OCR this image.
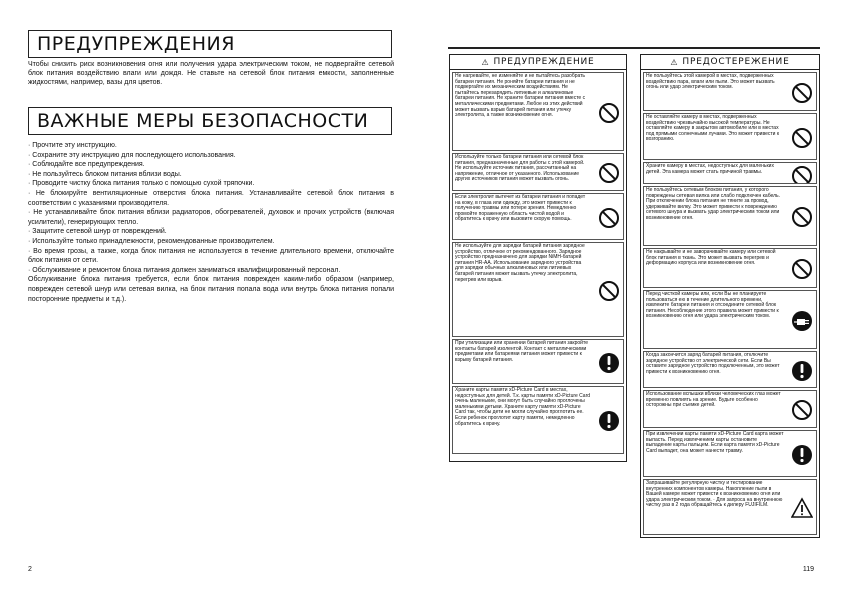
ПРЕДУПРЕЖДЕНИЯ
Чтобы снизить риск возникновения огня или получения удара электрическим током, не подвергайте сетевой блок питания воздействию влаги или дождя. Не ставьте на сетевой блок питания емкости, заполненные жидкостями, например, вазы для цветов.
ВАЖНЫЕ МЕРЫ БЕЗОПАСНОСТИ
· Прочтите эту инструкцию.
· Сохраните эту инструкцию для последующего использования.
· Соблюдайте все предупреждения.
· Не пользуйтесь блоком питания вблизи воды.
· Проводите чистку блока питания только с помощью сухой тряпочки.
· Не блокируйте вентиляционные отверстия блока питания. Устанавливайте сетевой блок питания в соответствии с указаниями производителя.
· Не устанавливайте блок питания вблизи радиаторов, обогревателей, духовок и прочих устройств (включая усилители), генерирующих тепло.
· Защитите сетевой шнур от повреждений.
· Используйте только принадлежности, рекомендованные производителем.
· Во время грозы, а также, когда блок питания не используется в течение длительного времени, отключайте блок питания от сети.
· Обслуживание и ремонтом блока питания должен заниматься квалифицированный персонал.
Обслуживание блока питания требуется, если блок питания поврежден каким-либо образом (например, поврежден сетевой шнур или сетевая вилка, на блок питания попала вода или внутрь блока питания попали посторонние предметы и т.д.).
2	119
⚠ ПРЕДУПРЕЖДЕНИЕ
Не нагревайте, не изменяйте и не пытайтесь разобрать батареи питания. Не роняйте батареи питания и не подвергайте их механическим воздействиям. Не пытайтесь перезарядить литиевые и алкалиновые батареи питания. Не храните батареи питания вместе с металлическими предметами. Любое из этих действий может вызвать взрыв батарей питания или утечку электролита, а также возникновение огня.
Используйте только батареи питания или сетевой блок питания, предназначенные для работы с этой камерой. Не используйте источник питания, рассчитанный на напряжение, отличное от указанного. Использование других источников питания может вызвать огонь.
Если электролит вытечет из батареи питания и попадет на кожу, в глаза или одежду, это может привести к получению травмы или потере зрения. Немедленно промойте пораженную область чистой водой и обратитесь к врачу или вызовите скорую помощь.
Не используйте для зарядки батарей питания зарядное устройство, отличное от рекомендованного. Зарядное устройство предназначено для зарядки NiMH-батарей питания HR-AA. Использование зарядного устройства для зарядки обычных алкалиновых или литиевых батарей питания может вызвать утечку электролита, перегрев или взрыв.
При утилизации или хранении батарей питания закройте контакты батарей изолентой. Контакт с металлическими предметами или батареями питания может привести к взрыву батарей питания.
Храните карты памяти xD-Picture Card в местах, недоступных для детей. Т.к. карты памяти xD-Picture Card очень маленькие, они могут быть случайно проглочены маленькими детьми. Храните карту памяти xD-Picture Card так, чтобы дети не могли случайно проглотить ее. Если ребенок проглотит карту памяти, немедленно обратитесь к врачу.
⚠ ПРЕДОСТЕРЕЖЕНИЕ
Не пользуйтесь этой камерой в местах, подверженных воздействию пара, влаги или пыли. Это может вызвать огонь или удар электрическим током.
Не оставляйте камеру в местах, подверженных воздействию чрезвычайно высокой температуры. Не оставляйте камеру в закрытом автомобиле или в местах под прямыми солнечными лучами. Это может привести к возгоранию.
Храните камеру в местах, недоступных для маленьких детей. Эта камера может стать причиной травмы.
Не пользуйтесь сетевым блоком питания, у которого повреждены сетевая вилка или слабо подключен кабель. При отключении блока питания не тяните за провод, удерживайте вилку. Это может привести к повреждению сетевого шнура и вызвать удар электрическим током или возникновение огня.
Не накрывайте и не заворачивайте камеру или сетевой блок питания в ткань. Это может вызвать перегрев и деформацию корпуса или возникновение огня.
Перед чисткой камеры или, если Вы не планируете пользоваться ею в течение длительного времени, извлеките батареи питания и отсоедините сетевой блок питания. Несоблюдение этого правила может привести к возникновению огня или удара электрическим током.
Когда закончится заряд батарей питания, отключите зарядное устройство от электрической сети. Если Вы оставите зарядное устройство подключенным, это может привести к возникновению огня.
Использование вспышки вблизи человеческих глаз может временно повлиять на зрение. Будьте особенно осторожны при съемке детей.
При извлечении карты памяти xD-Picture Card карта может выпасть. Перед извлечением карты остановите выпадение карты пальцем. Если карта памяти xD-Picture Card выпадет, она может нанести травму.
Запрашивайте регулярную чистку и тестирование внутренних компонентов камеры. Накопление пыли в Вашей камере может привести к возникновению огня или удара электрическим током. · Для запроса на внутреннюю чистку раз в 2 года обращайтесь к дилеру FUJIFILM.
